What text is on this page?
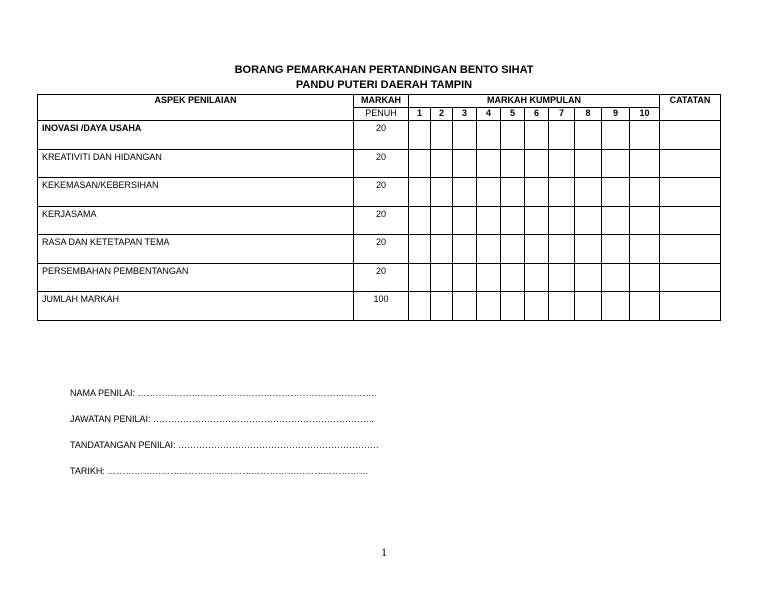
BORANG PEMARKAHAN PERTANDINGAN BENTO SIHAT
PANDU PUTERI DAERAH TAMPIN
ASPEK PENILAIAN	MARKAH	MARKAH KUMPULAN										CATATAN
	PENUH	1	2	3	4	5	6	7	8	9	10	
INOVASI /DAYA USAHA	20											
KREATIVITI DAN HIDANGAN	20											
KEKEMASAN/KEBERSIHAN	20											
KERJASAMA	20											
RASA DAN KETETAPAN TEMA	20											
PERSEMBAHAN PEMBENTANGAN	20											
JUMLAH MARKAH	100											
NAMA PENILAI: ……………………………………………………………………..
JAWATAN PENILAI: ………………………………………………………………..
TANDATANGAN PENILAI: ………………………………………………………….
TARIKH: ……………………………………………………………………………
1
